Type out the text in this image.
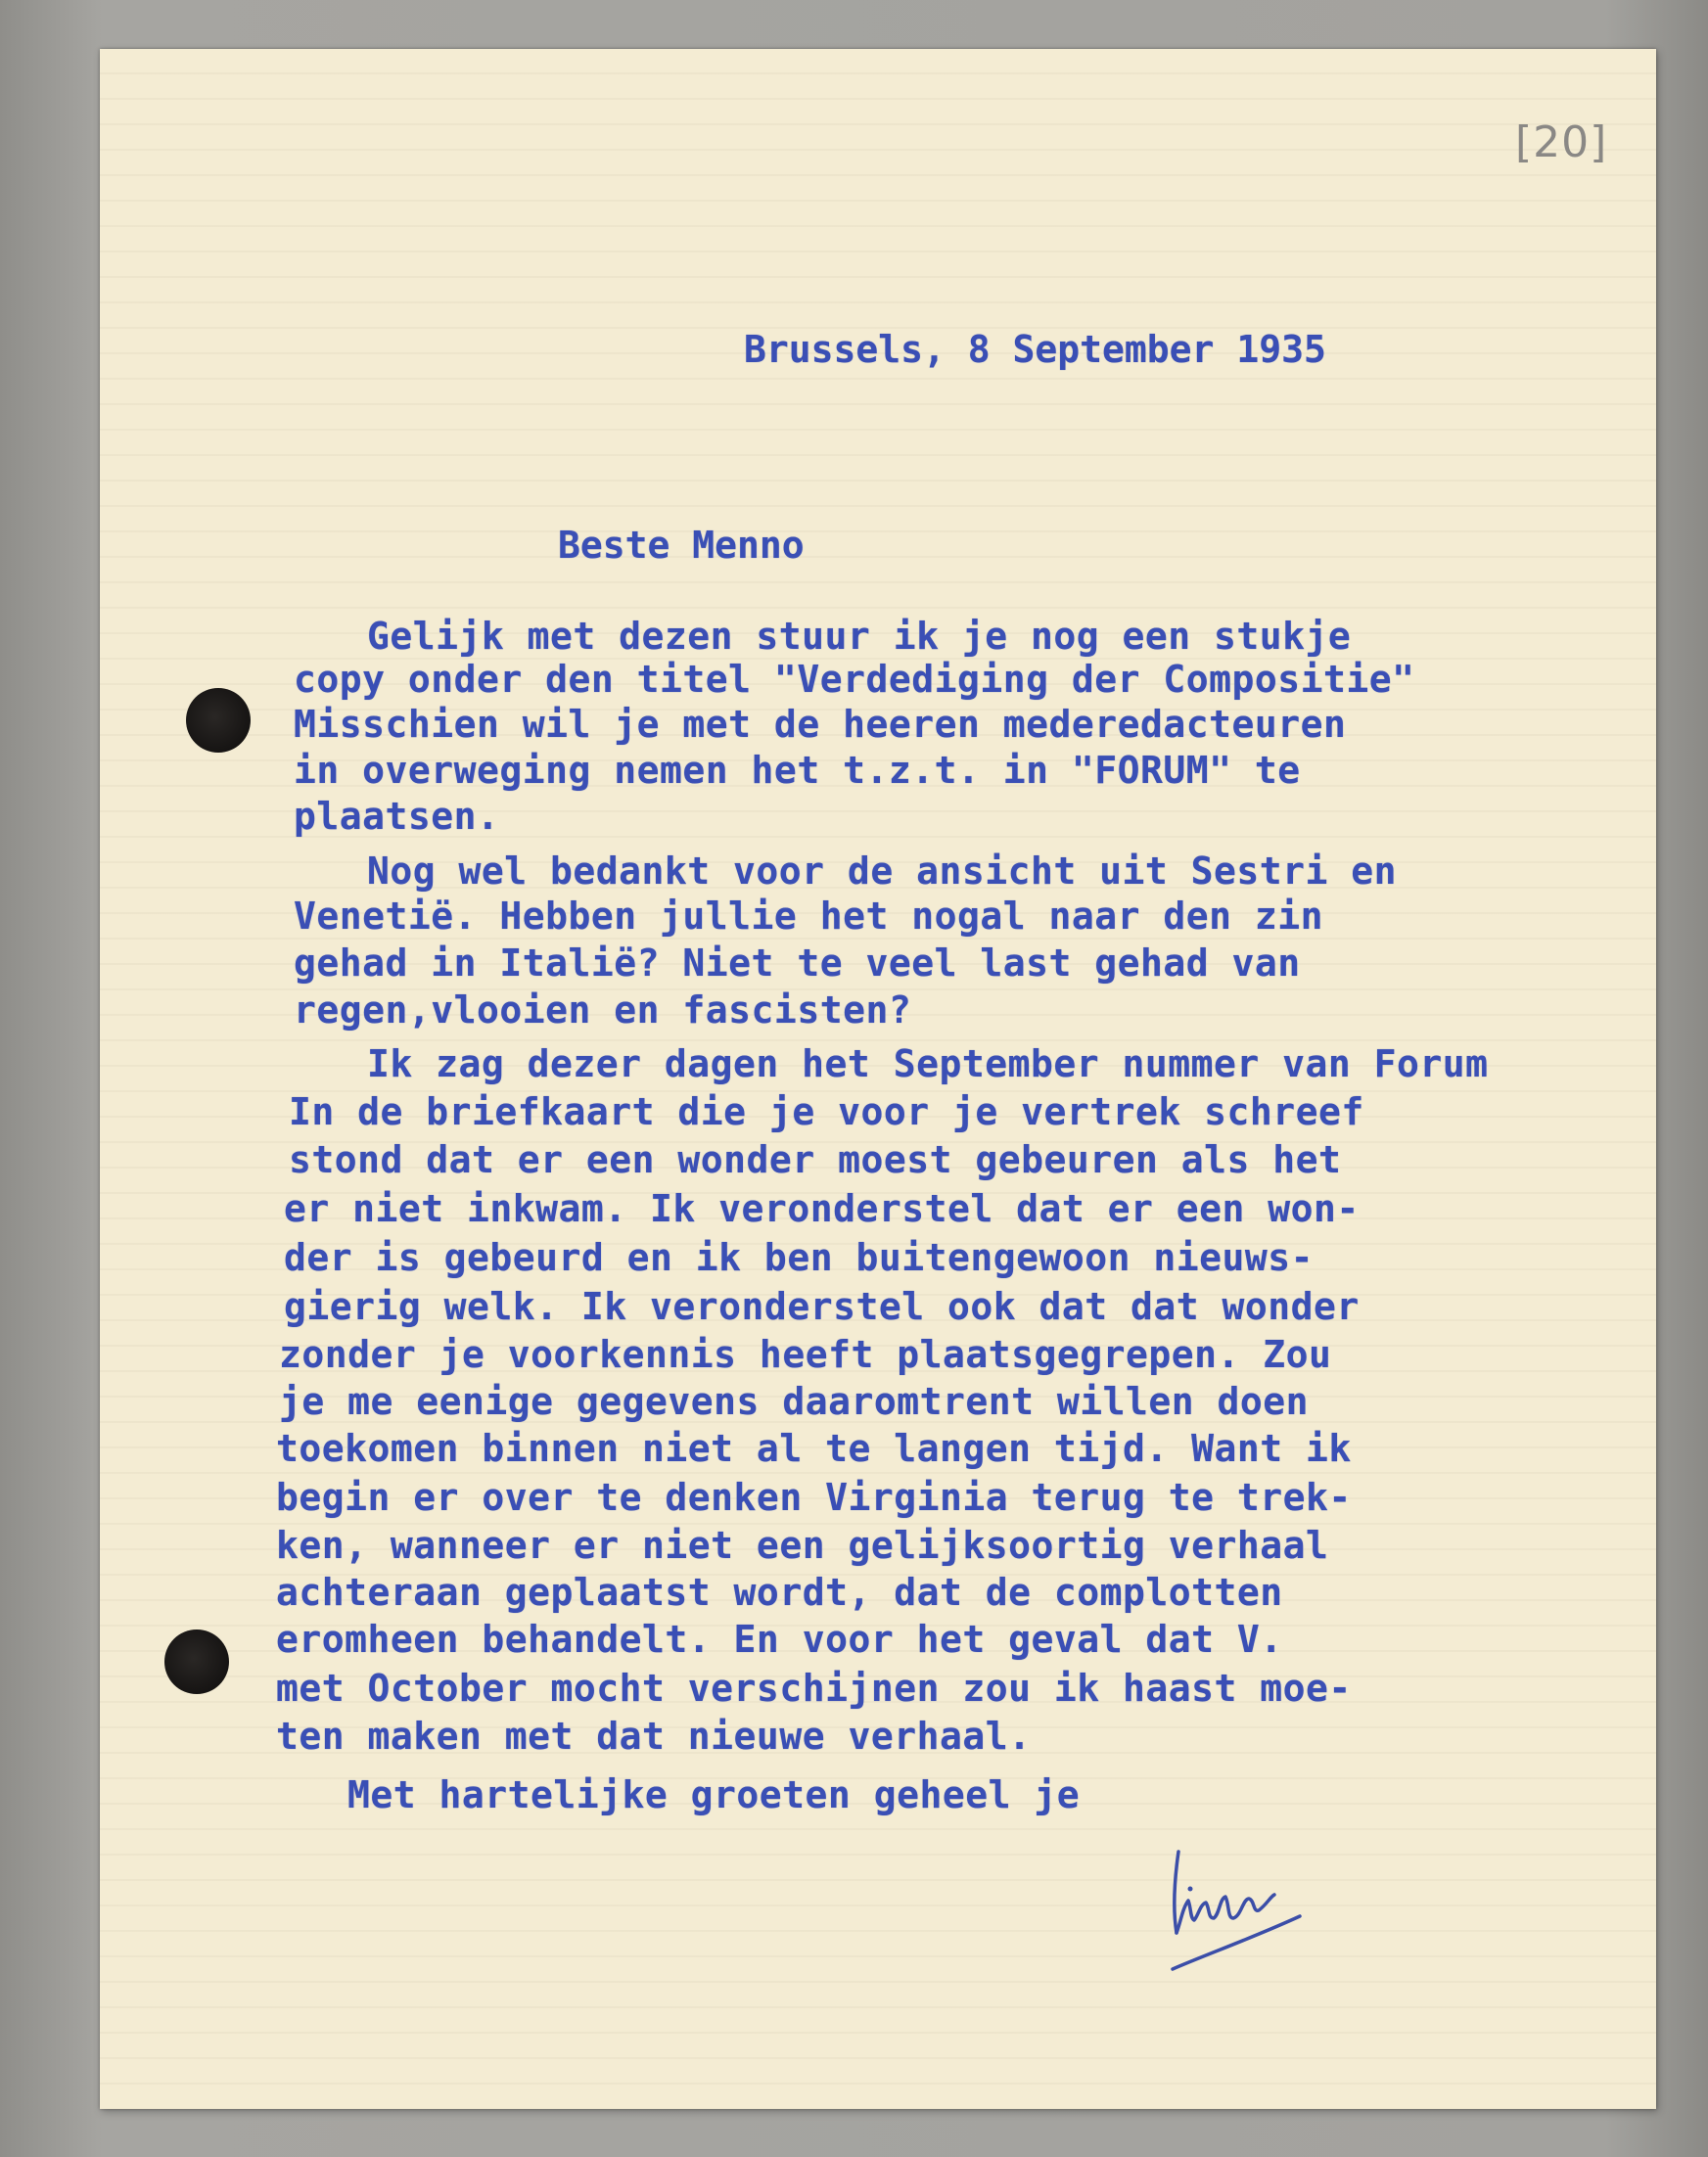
[20]
Brussels, 8 September 1935
Beste Menno
Gelijk met dezen stuur ik je nog een stukje
copy onder den titel "Verdediging der Compositie"
Misschien wil je met de heeren mederedacteuren
in overweging nemen het t.z.t. in "FORUM" te
plaatsen.
Nog wel bedankt voor de ansicht uit Sestri en
Venetië. Hebben jullie het nogal naar den zin
gehad in Italië? Niet te veel last gehad van
regen,vlooien en fascisten?
Ik zag dezer dagen het September nummer van Forum
In de briefkaart die je voor je vertrek schreef
stond dat er een wonder moest gebeuren als het
er niet inkwam. Ik veronderstel dat er een won-
der is gebeurd en ik ben buitengewoon nieuws-
gierig welk. Ik veronderstel ook dat dat wonder
zonder je voorkennis heeft plaatsgegrepen. Zou
je me eenige gegevens daaromtrent willen doen
toekomen binnen niet al te langen tijd. Want ik
begin er over te denken Virginia terug te trek-
ken, wanneer er niet een gelijksoortig verhaal
achteraan geplaatst wordt, dat de complotten
eromheen behandelt. En voor het geval dat V.
met October mocht verschijnen zou ik haast moe-
ten maken met dat nieuwe verhaal.
Met hartelijke groeten geheel je
